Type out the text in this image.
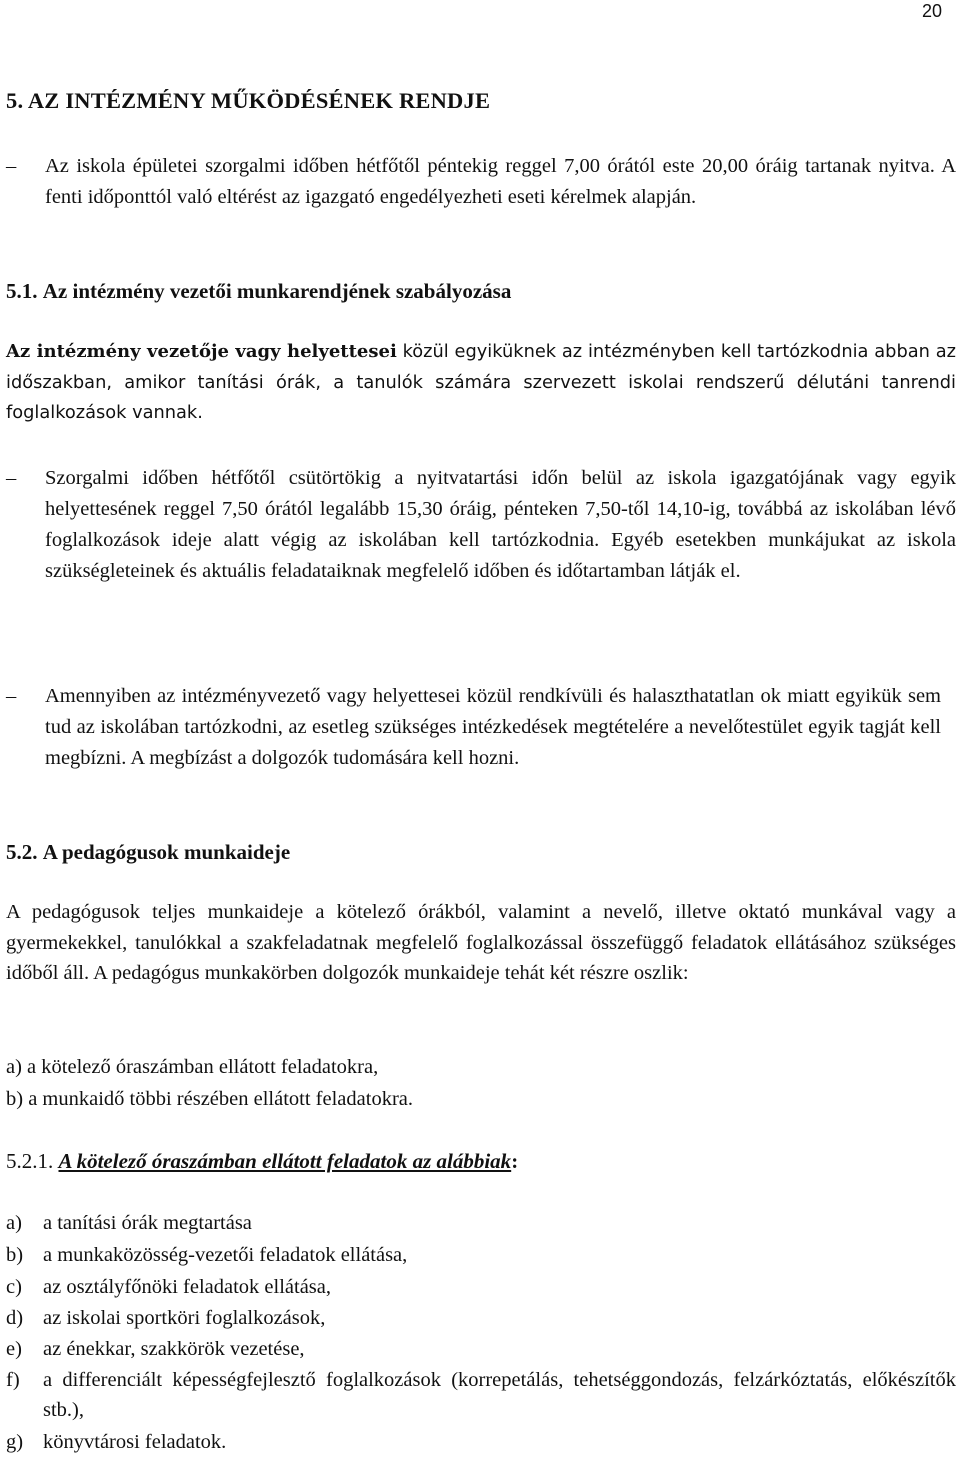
20
5. AZ INTÉZMÉNY MŰKÖDÉSÉNEK RENDJE
–	Az iskola épületei szorgalmi időben hétfőtől péntekig reggel 7,00 órától este 20,00 óráig tartanak nyitva. A fenti időponttól való eltérést az igazgató engedélyezheti eseti kérelmek alapján.
5.1. Az intézmény vezetői munkarendjének szabályozása
Az intézmény vezetője vagy helyettesei közül egyiküknek az intézményben kell tartózkodnia abban az időszakban, amikor tanítási órák, a tanulók számára szervezett iskolai rendszerű délutáni tanrendi foglalkozások vannak.
–	Szorgalmi időben hétfőtől csütörtökig a nyitvatartási időn belül az iskola igazgatójának vagy egyik helyettesének reggel 7,50 órától legalább 15,30 óráig, pénteken 7,50-től 14,10-ig, továbbá az iskolában lévő foglalkozások ideje alatt végig az iskolában kell tartózkodnia. Egyéb esetekben munkájukat az iskola szükségleteinek és aktuális feladataiknak megfelelő időben és időtartamban látják el.
–	Amennyiben az intézményvezető vagy helyettesei közül rendkívüli és halaszthatatlan ok miatt egyikük sem tud az iskolában tartózkodni, az esetleg szükséges intézkedések megtételére a nevelőtestület egyik tagját kell megbízni. A megbízást a dolgozók tudomására kell hozni.
5.2. A pedagógusok munkaideje
A pedagógusok teljes munkaideje a kötelező órákból, valamint a nevelő, illetve oktató munkával vagy a gyermekekkel, tanulókkal a szakfeladatnak megfelelő foglalkozással összefüggő feladatok ellátásához szükséges időből áll. A pedagógus munkakörben dolgozók munkaideje tehát két részre oszlik:
a) a kötelező óraszámban ellátott feladatokra,
b) a munkaidő többi részében ellátott feladatokra.
5.2.1. A kötelező óraszámban ellátott feladatok az alábbiak:
a) a tanítási órák megtartása
b) a munkaközösség-vezetői feladatok ellátása,
c) az osztályfőnöki feladatok ellátása,
d) az iskolai sportköri foglalkozások,
e) az énekkar, szakkörök vezetése,
f) a differenciált képességfejlesztő foglalkozások (korrepetálás, tehetséggondozás, felzárkóztatás, előkészítők stb.),
g) könyvtárosi feladatok.
